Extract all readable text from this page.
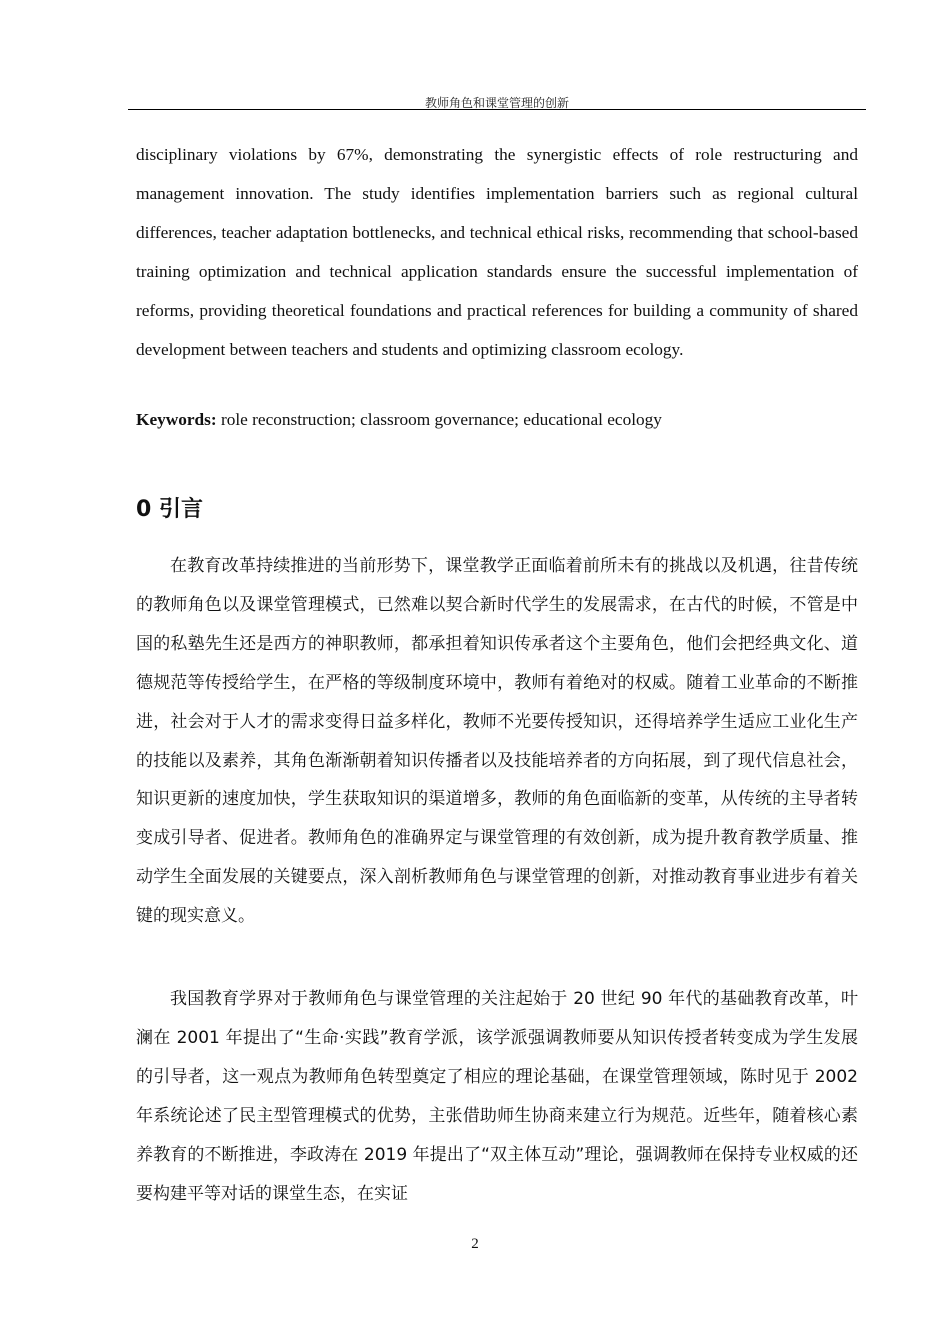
教师角色和课堂管理的创新

disciplinary violations by 67%, demonstrating the synergistic effects of role restructuring and management innovation. The study identifies implementation barriers such as regional cultural differences, teacher adaptation bottlenecks, and technical ethical risks, recommending that school-based training optimization and technical application standards ensure the successful implementation of reforms, providing theoretical foundations and practical references for building a community of shared development between teachers and students and optimizing classroom ecology.

Keywords: role reconstruction; classroom governance; educational ecology

0 引言

在教育改革持续推进的当前形势下，课堂教学正面临着前所未有的挑战以及机遇，往昔传统的教师角色以及课堂管理模式，已然难以契合新时代学生的发展需求，在古代的时候，不管是中国的私塾先生还是西方的神职教师，都承担着知识传承者这个主要角色，他们会把经典文化、道德规范等传授给学生，在严格的等级制度环境中，教师有着绝对的权威。随着工业革命的不断推进，社会对于人才的需求变得日益多样化，教师不光要传授知识，还得培养学生适应工业化生产的技能以及素养，其角色渐渐朝着知识传播者以及技能培养者的方向拓展，到了现代信息社会，知识更新的速度加快，学生获取知识的渠道增多，教师的角色面临新的变革，从传统的主导者转变成引导者、促进者。教师角色的准确界定与课堂管理的有效创新，成为提升教育教学质量、推动学生全面发展的关键要点，深入剖析教师角色与课堂管理的创新，对推动教育事业进步有着关键的现实意义。

我国教育学界对于教师角色与课堂管理的关注起始于 20 世纪 90 年代的基础教育改革，叶澜在 2001 年提出了“生命·实践”教育学派，该学派强调教师要从知识传授者转变成为学生发展的引导者，这一观点为教师角色转型奠定了相应的理论基础，在课堂管理领域，陈时见于 2002 年系统论述了民主型管理模式的优势，主张借助师生协商来建立行为规范。近些年，随着核心素养教育的不断推进，李政涛在 2019 年提出了“双主体互动”理论，强调教师在保持专业权威的还要构建平等对话的课堂生态，在实证

2
